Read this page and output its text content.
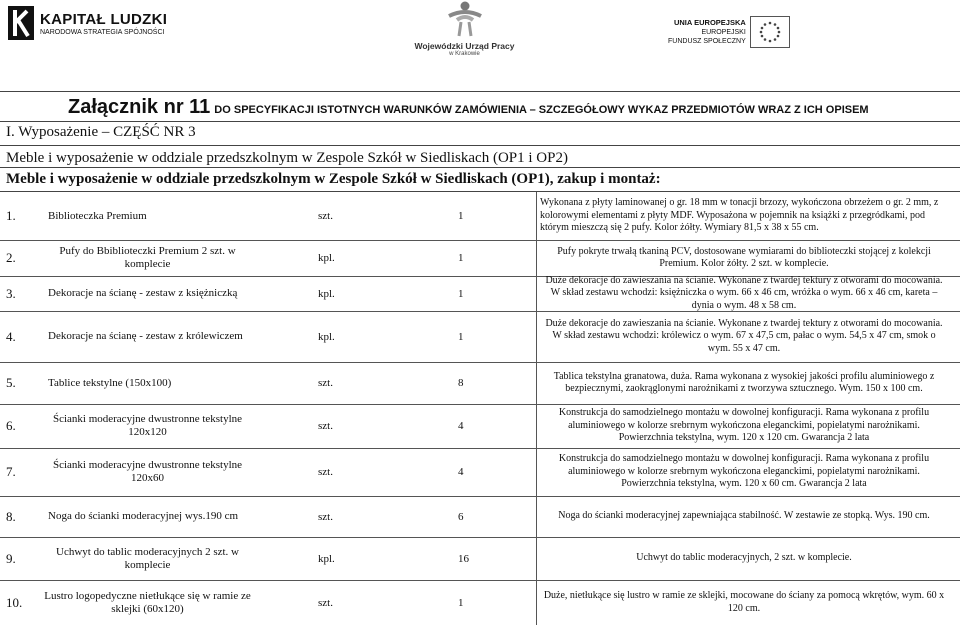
KAPITAŁ LUDZKI
NARODOWA STRATEGIA SPÓJNOŚCI
Wojewódzki Urząd Pracy
w Krakowie
UNIA EUROPEJSKA
EUROPEJSKI
FUNDUSZ SPOŁECZNY
Załącznik nr 11 DO SPECYFIKACJI ISTOTNYCH WARUNKÓW ZAMÓWIENIA – SZCZEGÓŁOWY WYKAZ PRZEDMIOTÓW WRAZ Z ICH OPISEM
I. Wyposażenie – CZĘŚĆ NR 3
Meble i wyposażenie w oddziale przedszkolnym w Zespole Szkół w Siedliskach (OP1 i OP2)
Meble i wyposażenie w oddziale przedszkolnym w Zespole Szkół w Siedliskach (OP1), zakup i montaż:
1.	Biblioteczka Premium	szt.	1
Wykonana z płyty laminowanej o gr. 18 mm w tonacji brzozy, wykończona obrzeżem o gr. 2 mm, z kolorowymi elementami z płyty MDF. Wyposażona w pojemnik na książki z przegródkami, pod którym mieszczą się 2 pufy. Kolor żółty. Wymiary 81,5 x 38 x 55 cm.
2.	Pufy do Bbiblioteczki Premium 2 szt. w komplecie	kpl.	1
Pufy pokryte trwałą tkaniną PCV, dostosowane wymiarami do biblioteczki stojącej z kolekcji Premium. Kolor żółty. 2 szt. w komplecie.
3.	Dekoracje na ścianę - zestaw z księżniczką	kpl.	1
Duże dekoracje do zawieszania na ścianie. Wykonane z twardej tektury z otworami do mocowania. W skład zestawu wchodzi: księżniczka o wym. 66 x 46 cm, wróżka o wym. 66 x 46 cm, kareta – dynia o wym. 48 x 58 cm.
4.	Dekoracje na ścianę - zestaw z królewiczem	kpl.	1
Duże dekoracje do zawieszania na ścianie. Wykonane z twardej tektury z otworami do mocowania. W skład zestawu wchodzi: królewicz o wym. 67 x 47,5 cm, pałac o wym. 54,5 x 47 cm, smok o wym. 55 x 47 cm.
5.	Tablice tekstylne (150x100)	szt.	8
Tablica tekstylna granatowa, duża. Rama wykonana z wysokiej jakości profilu aluminiowego z bezpiecznymi, zaokrąglonymi narożnikami z tworzywa sztucznego. Wym. 150 x 100 cm.
6.	Ścianki moderacyjne dwustronne tekstylne 120x120	szt.	4
Konstrukcja do samodzielnego montażu w dowolnej konfiguracji. Rama wykonana z profilu aluminiowego w kolorze srebrnym wykończona eleganckimi, popielatymi narożnikami. Powierzchnia tekstylna, wym. 120 x 120 cm. Gwarancja 2 lata
7.	Ścianki moderacyjne dwustronne tekstylne 120x60	szt.	4
Konstrukcja do samodzielnego montażu w dowolnej konfiguracji. Rama wykonana z profilu aluminiowego w kolorze srebrnym wykończona eleganckimi, popielatymi narożnikami. Powierzchnia tekstylna, wym. 120 x 60 cm. Gwarancja 2 lata
8.	Noga do ścianki moderacyjnej wys.190 cm	szt.	6	Noga do ścianki moderacyjnej zapewniająca stabilność. W zestawie ze stopką. Wys. 190 cm.
9.	Uchwyt do tablic moderacyjnych 2 szt. w komplecie	kpl.	16	Uchwyt do tablic moderacyjnych, 2 szt. w komplecie.
10.	Lustro logopedyczne nietłukące się w ramie ze sklejki (60x120)	szt.	1
Duże, nietłukące się lustro w ramie ze sklejki, mocowane do ściany za pomocą wkrętów, wym. 60 x 120 cm.
